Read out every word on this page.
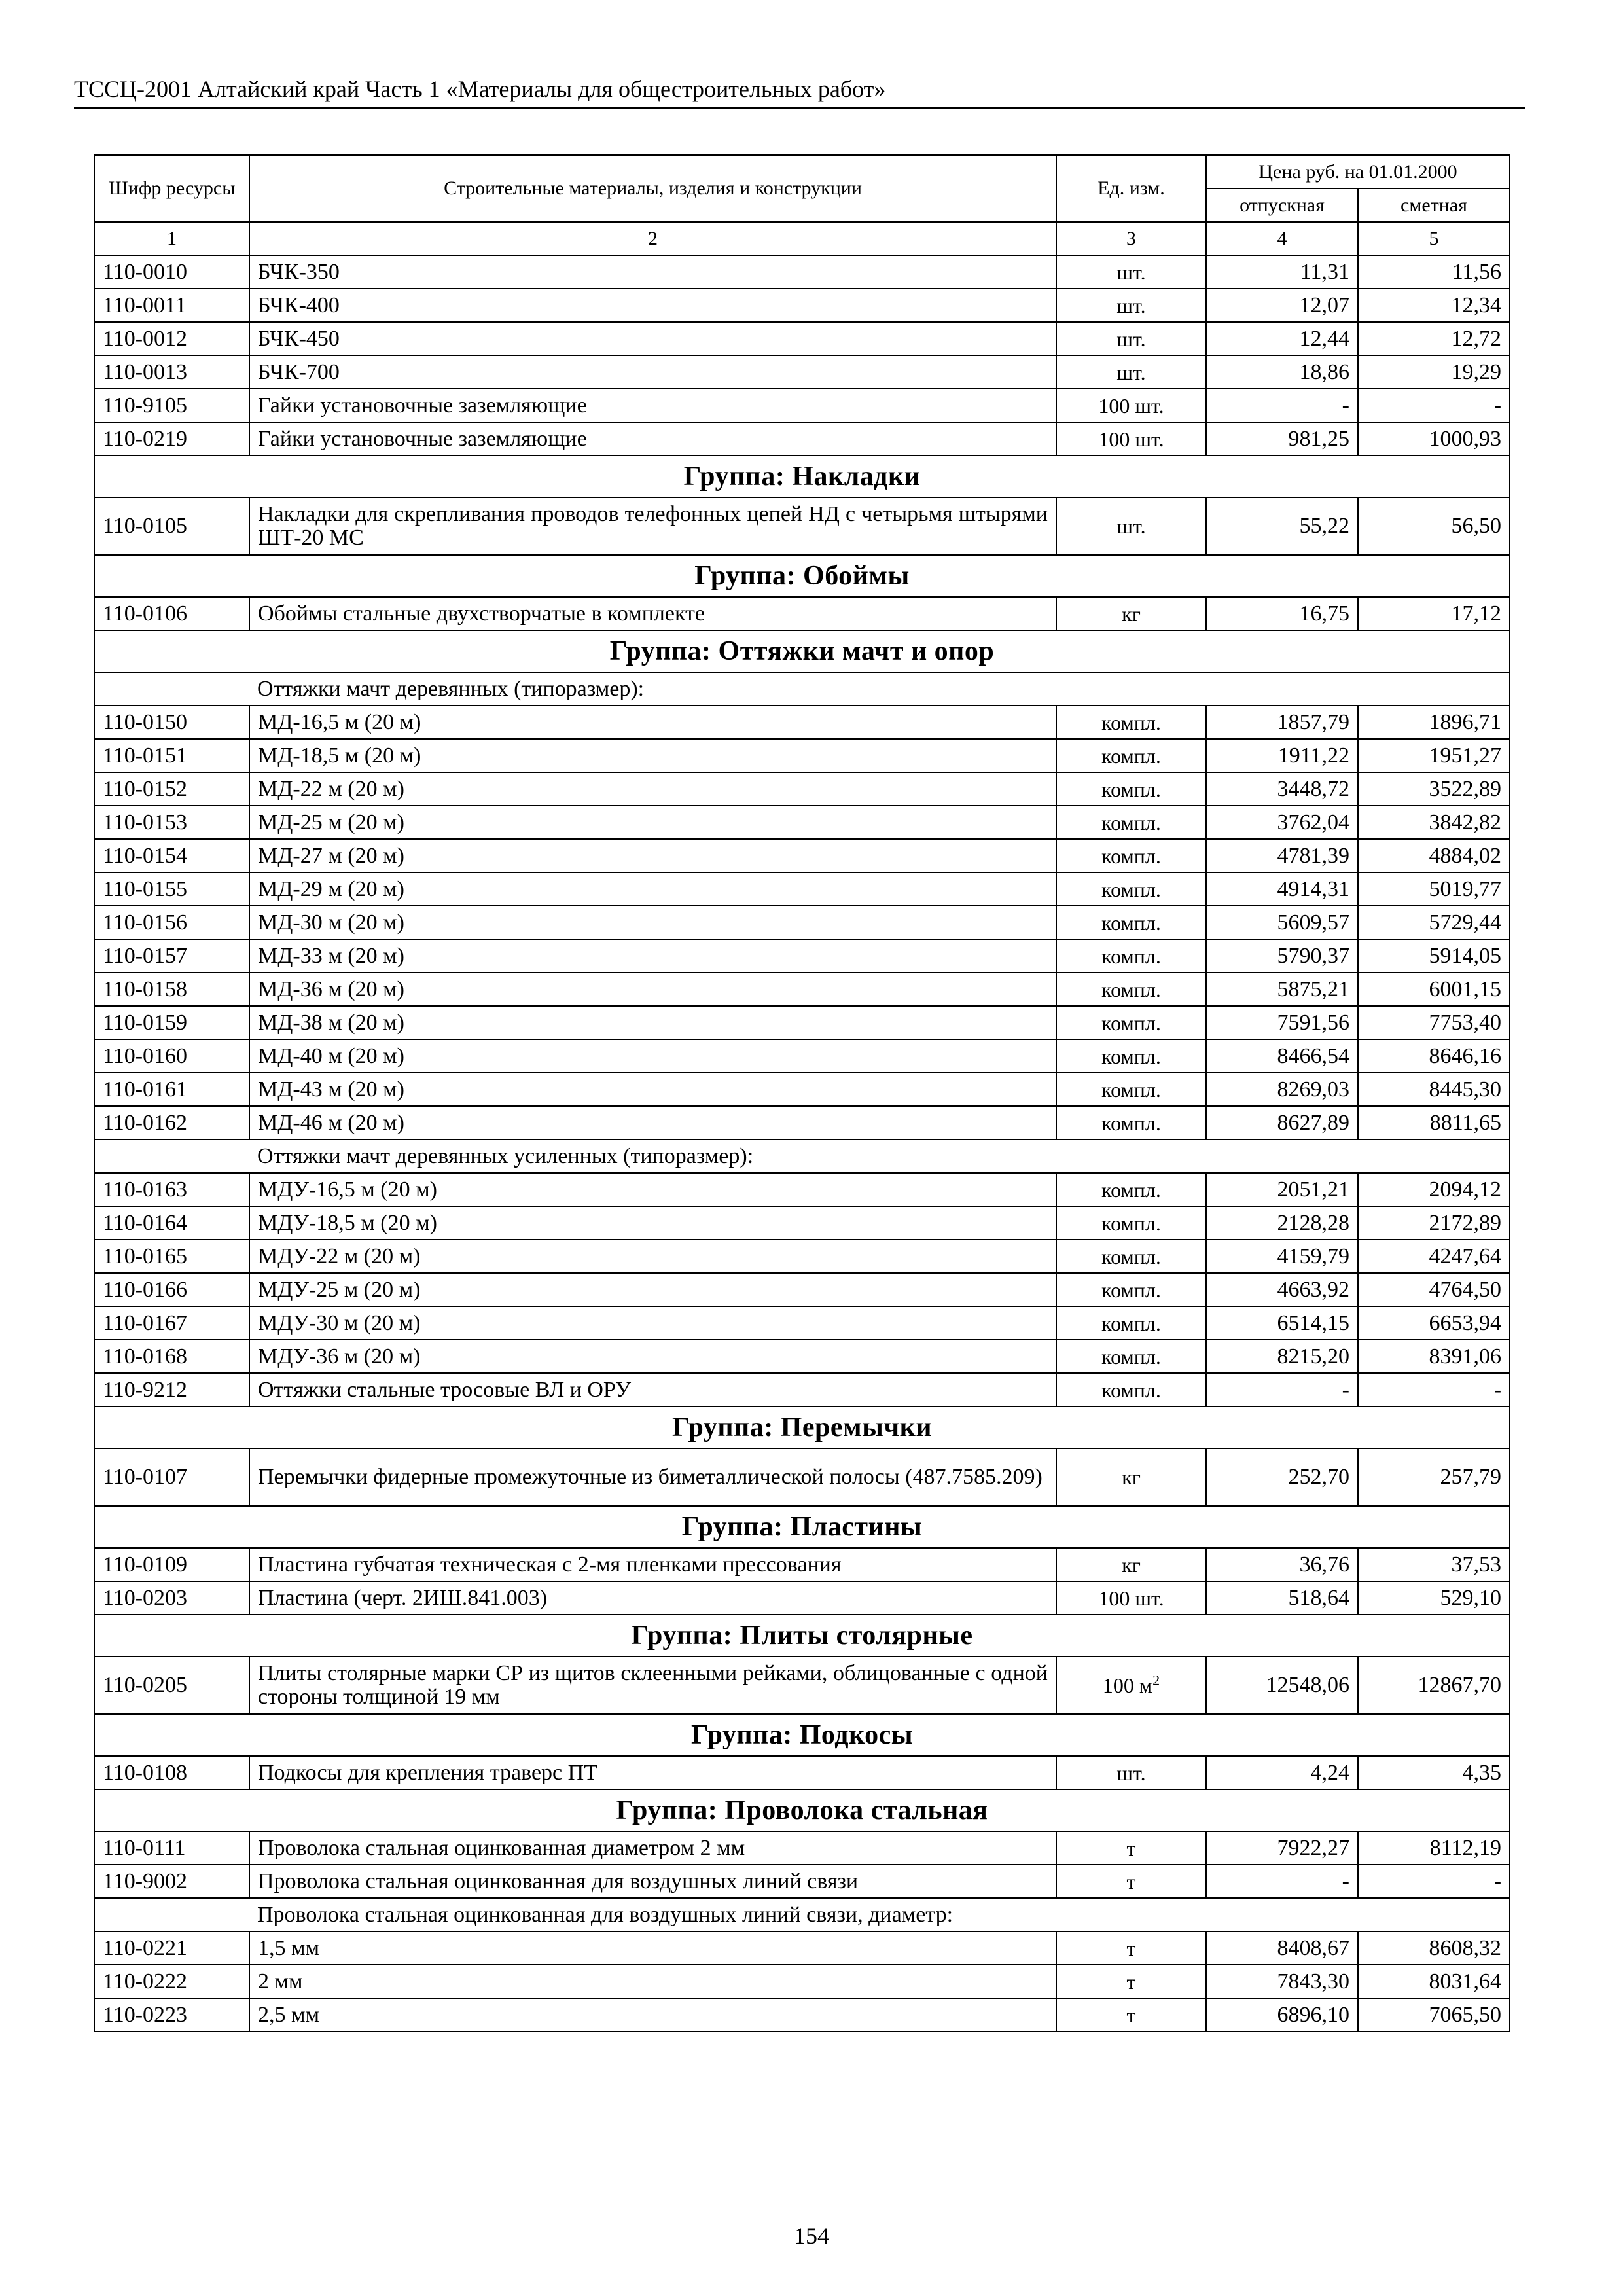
ТССЦ-2001 Алтайский край Часть 1 «Материалы для общестроительных работ»
Шифр ресурсы	Строительные материалы, изделия и конструкции	Ед. изм.	Цена руб. на 01.01.2000	
			отпускная	сметная
1	2	3	4	5
110-0010	БЧК-350	шт.	11,31	11,56
110-0011	БЧК-400	шт.	12,07	12,34
110-0012	БЧК-450	шт.	12,44	12,72
110-0013	БЧК-700	шт.	18,86	19,29
110-9105	Гайки установочные заземляющие	100 шт.	-	-
110-0219	Гайки установочные заземляющие	100 шт.	981,25	1000,93
Группа: Накладки				
110-0105	Накладки для скрепливания проводов телефонных цепей НД с четырьмя штырями ШТ-20 МС	шт.	55,22	56,50
Группа: Обоймы				
110-0106	Обоймы стальные двухстворчатые в комплекте	кг	16,75	17,12
Группа: Оттяжки мачт и опор				
	Оттяжки мачт деревянных (типоразмер):			
110-0150	МД-16,5 м (20 м)	компл.	1857,79	1896,71
110-0151	МД-18,5 м (20 м)	компл.	1911,22	1951,27
110-0152	МД-22 м (20 м)	компл.	3448,72	3522,89
110-0153	МД-25 м (20 м)	компл.	3762,04	3842,82
110-0154	МД-27 м (20 м)	компл.	4781,39	4884,02
110-0155	МД-29 м (20 м)	компл.	4914,31	5019,77
110-0156	МД-30 м (20 м)	компл.	5609,57	5729,44
110-0157	МД-33 м (20 м)	компл.	5790,37	5914,05
110-0158	МД-36 м (20 м)	компл.	5875,21	6001,15
110-0159	МД-38 м (20 м)	компл.	7591,56	7753,40
110-0160	МД-40 м (20 м)	компл.	8466,54	8646,16
110-0161	МД-43 м (20 м)	компл.	8269,03	8445,30
110-0162	МД-46 м (20 м)	компл.	8627,89	8811,65
	Оттяжки мачт деревянных усиленных (типоразмер):			
110-0163	МДУ-16,5 м (20 м)	компл.	2051,21	2094,12
110-0164	МДУ-18,5 м (20 м)	компл.	2128,28	2172,89
110-0165	МДУ-22 м (20 м)	компл.	4159,79	4247,64
110-0166	МДУ-25 м (20 м)	компл.	4663,92	4764,50
110-0167	МДУ-30 м (20 м)	компл.	6514,15	6653,94
110-0168	МДУ-36 м (20 м)	компл.	8215,20	8391,06
110-9212	Оттяжки стальные тросовые ВЛ и ОРУ	компл.	-	-
Группа: Перемычки				
110-0107	Перемычки фидерные промежуточные из биметаллической полосы (487.7585.209)	кг	252,70	257,79
Группа: Пластины				
110-0109	Пластина губчатая техническая с 2-мя пленками прессования	кг	36,76	37,53
110-0203	Пластина (черт. 2ИШ.841.003)	100 шт.	518,64	529,10
Группа: Плиты столярные				
110-0205	Плиты столярные марки СР из щитов склеенными рейками, облицованные с одной стороны толщиной 19 мм	100 $м^2$	12548,06	12867,70
Группа: Подкосы				
110-0108	Подкосы для крепления траверс ПТ	шт.	4,24	4,35
Группа: Проволока стальная				
110-0111	Проволока стальная оцинкованная диаметром 2 мм	т	7922,27	8112,19
110-9002	Проволока стальная оцинкованная для воздушных линий связи	т	-	-
	Проволока стальная оцинкованная для воздушных линий связи, диаметр:			
110-0221	1,5 мм	т	8408,67	8608,32
110-0222	2 мм	т	7843,30	8031,64
110-0223	2,5 мм	т	6896,10	7065,50
154
